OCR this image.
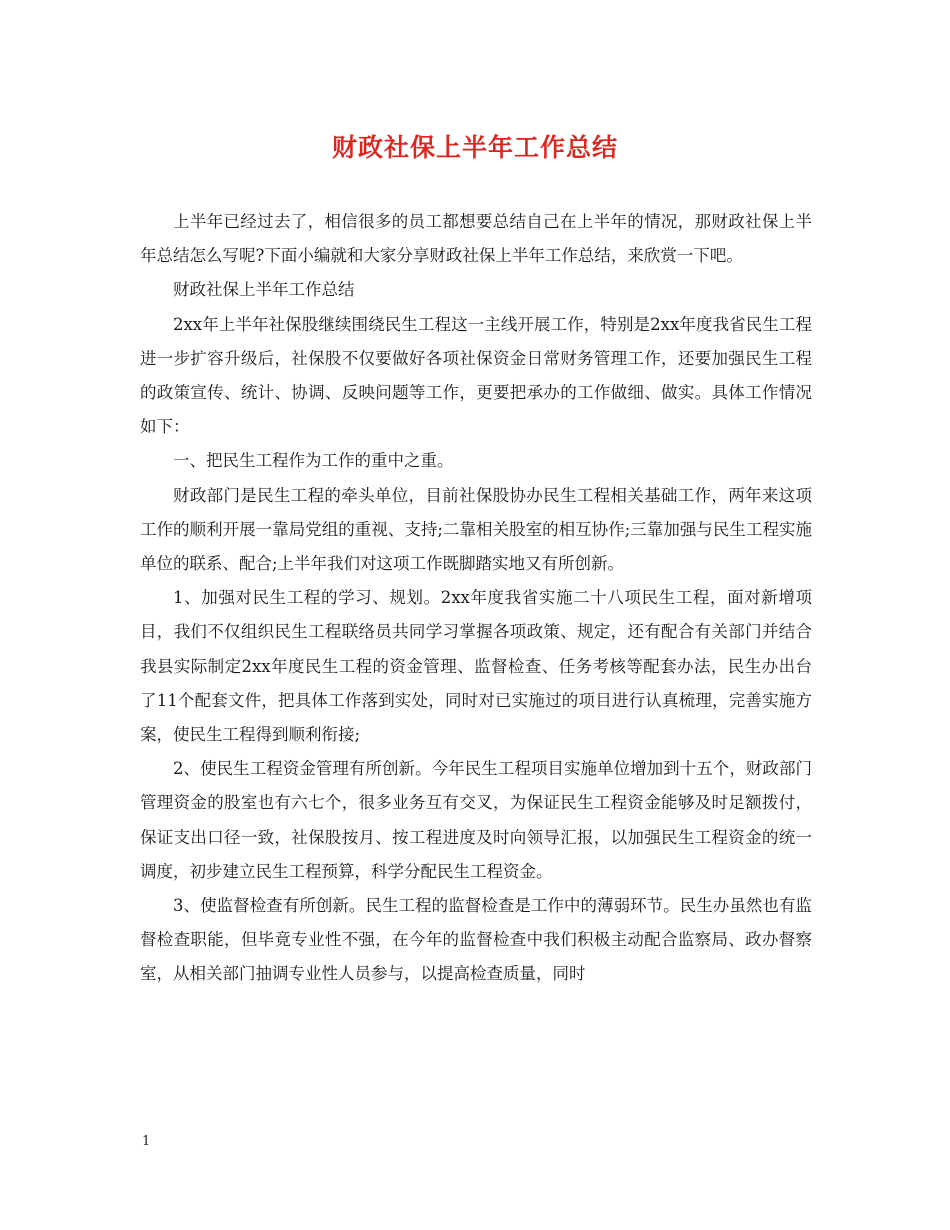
财政社保上半年工作总结

上半年已经过去了，相信很多的员工都想要总结自己在上半年的情况，那财政社保上半年总结怎么写呢?下面小编就和大家分享财政社保上半年工作总结，来欣赏一下吧。

财政社保上半年工作总结

2xx年上半年社保股继续围绕民生工程这一主线开展工作，特别是2xx年度我省民生工程进一步扩容升级后，社保股不仅要做好各项社保资金日常财务管理工作，还要加强民生工程的政策宣传、统计、协调、反映问题等工作，更要把承办的工作做细、做实。具体工作情况如下：

一、把民生工程作为工作的重中之重。

财政部门是民生工程的牵头单位，目前社保股协办民生工程相关基础工作，两年来这项工作的顺利开展一靠局党组的重视、支持;二靠相关股室的相互协作;三靠加强与民生工程实施单位的联系、配合;上半年我们对这项工作既脚踏实地又有所创新。

1、加强对民生工程的学习、规划。2xx年度我省实施二十八项民生工程，面对新增项目，我们不仅组织民生工程联络员共同学习掌握各项政策、规定，还有配合有关部门并结合我县实际制定2xx年度民生工程的资金管理、监督检查、任务考核等配套办法，民生办出台了11个配套文件，把具体工作落到实处，同时对已实施过的项目进行认真梳理，完善实施方案，使民生工程得到顺利衔接;

2、使民生工程资金管理有所创新。今年民生工程项目实施单位增加到十五个，财政部门管理资金的股室也有六七个，很多业务互有交叉，为保证民生工程资金能够及时足额拨付，保证支出口径一致，社保股按月、按工程进度及时向领导汇报，以加强民生工程资金的统一调度，初步建立民生工程预算，科学分配民生工程资金。

3、使监督检查有所创新。民生工程的监督检查是工作中的薄弱环节。民生办虽然也有监督检查职能，但毕竟专业性不强，在今年的监督检查中我们积极主动配合监察局、政办督察室，从相关部门抽调专业性人员参与，以提高检查质量，同时

1
